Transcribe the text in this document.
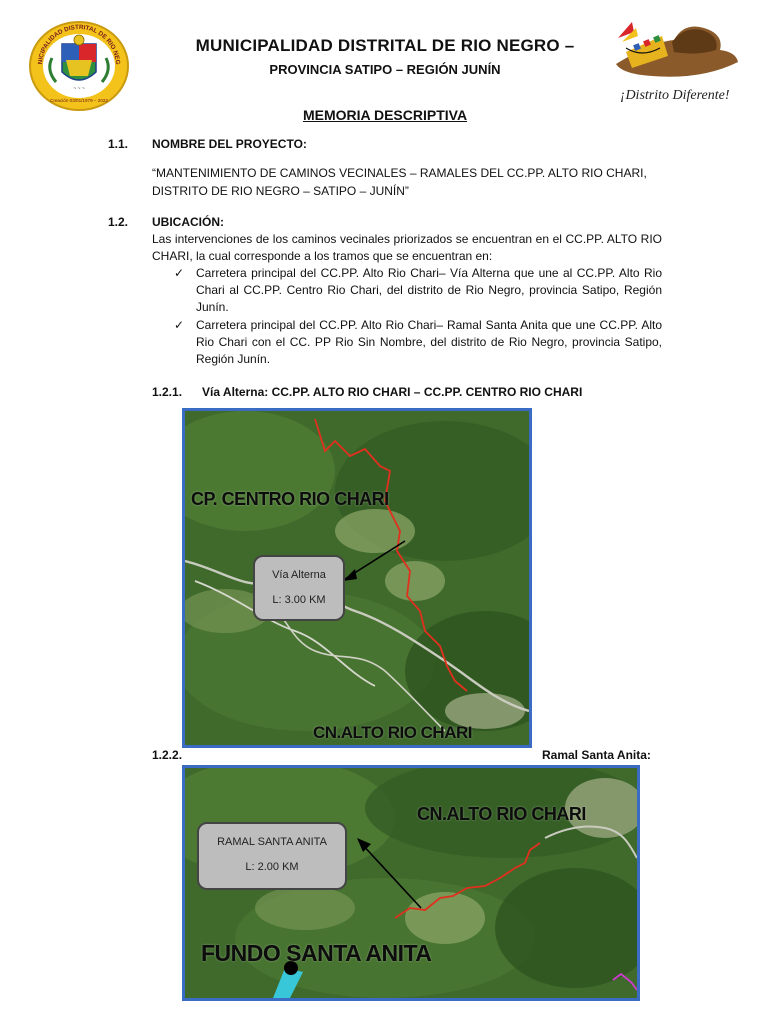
NICIPALIDAD DISTRITAL DE RIO NEG
~ ~ ~
Creación 03/01/1979 – 2022
MUNICIPALIDAD DISTRITAL DE RIO NEGRO –
PROVINCIA SATIPO – REGIÓN JUNÍN
¡Distrito Diferente!
MEMORIA DESCRIPTIVA
1.1. NOMBRE DEL PROYECTO:
“MANTENIMIENTO DE CAMINOS VECINALES – RAMALES DEL CC.PP. ALTO RIO CHARI,
DISTRITO DE RIO NEGRO – SATIPO – JUNÍN”
1.2. UBICACIÓN:
Las intervenciones de los caminos vecinales priorizados se encuentran en el CC.PP. ALTO RIO CHARI, la cual corresponde a los tramos que se encuentran en:
✓ Carretera principal del CC.PP. Alto Rio Chari– Vía Alterna que une al CC.PP. Alto Rio Chari al CC.PP. Centro Rio Chari, del distrito de Rio Negro, provincia Satipo, Región Junín.
✓ Carretera principal del CC.PP. Alto Rio Chari– Ramal Santa Anita que une CC.PP. Alto Rio Chari con el CC. PP Rio Sin Nombre, del distrito de Rio Negro, provincia Satipo, Región Junín.
1.2.1. Vía Alterna: CC.PP. ALTO RIO CHARI – CC.PP. CENTRO RIO CHARI
CP. CENTRO RIO CHARI
CN.ALTO RIO CHARI
Vía Alterna
L: 3.00 KM
1.2.2.	Ramal Santa Anita:
CN.ALTO RIO CHARI
FUNDO SANTA ANITA
RAMAL SANTA ANITA
L: 2.00 KM
